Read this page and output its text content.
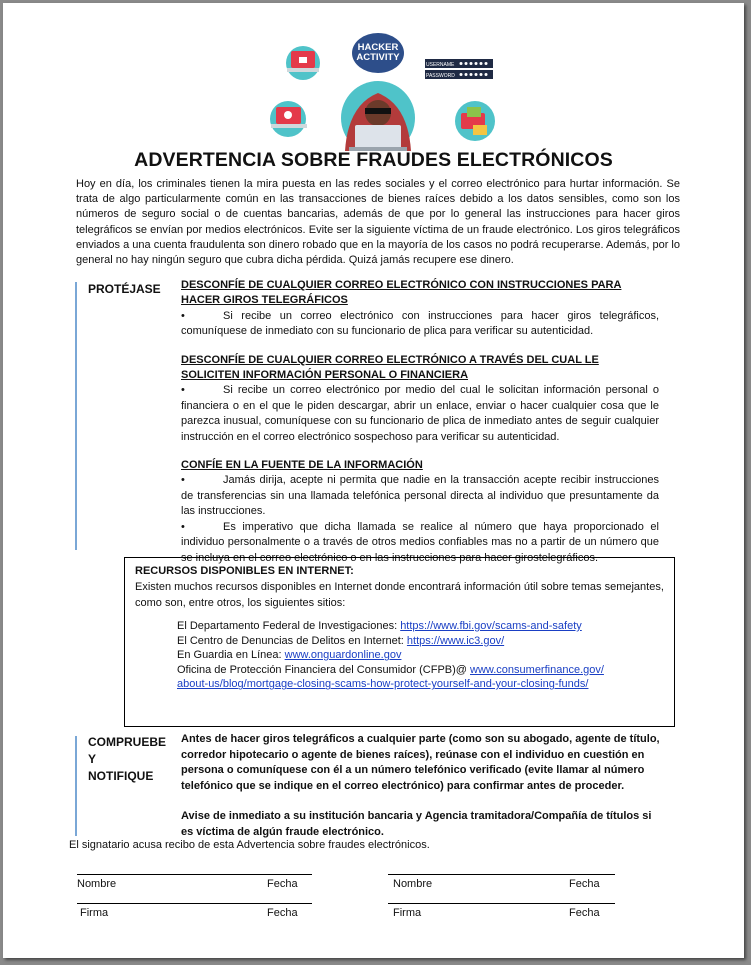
HACKER
ACTIVITY
USERNAME
PASSWORD
ADVERTENCIA SOBRE FRAUDES ELECTRÓNICOS
Hoy en día, los criminales tienen la mira puesta en las redes sociales y el correo electrónico para hurtar información. Se trata de algo particularmente común en las transacciones de bienes raíces debido a los datos sensibles, como son los números de seguro social o de cuentas bancarias, además de que por lo general las instrucciones para hacer giros telegráficos se envían por medios electrónicos. Evite ser la siguiente víctima de un fraude electrónico. Los giros telegráficos enviados a una cuenta fraudulenta son dinero robado que en la mayoría de los casos no podrá recuperarse. Además, por lo general no hay ningún seguro que cubra dicha pérdida. Quizá jamás recupere ese dinero.
PROTÉJASE DESCONFÍE DE CUALQUIER CORREO ELECTRÓNICO CON INSTRUCCIONES PARA HACER GIROS TELEGRÁFICOS
•	Si recibe un correo electrónico con instrucciones para hacer giros telegráficos, comuníquese de inmediato con su funcionario de plica para verificar su autenticidad.
DESCONFÍE DE CUALQUIER CORREO ELECTRÓNICO A TRAVÉS DEL CUAL LE SOLICITEN INFORMACIÓN PERSONAL O FINANCIERA
•	Si recibe un correo electrónico por medio del cual le solicitan información personal o financiera o en el que le piden descargar, abrir un enlace, enviar o hacer cualquier cosa que le parezca inusual, comuníquese con su funcionario de plica de inmediato antes de seguir cualquier instrucción en el correo electrónico sospechoso para verificar su autenticidad.
CONFÍE EN LA FUENTE DE LA INFORMACIÓN
•	Jamás dirija, acepte ni permita que nadie en la transacción acepte recibir instrucciones de transferencias sin una llamada telefónica personal directa al individuo que presuntamente da las instrucciones.
•	Es imperativo que dicha llamada se realice al número que haya proporcionado el individuo personalmente o a través de otros medios confiables mas no a partir de un número que se incluya en el correo electrónico o en las instrucciones para hacer girostelegráficos.
RECURSOS DISPONIBLES EN INTERNET:
Existen muchos recursos disponibles en Internet donde encontrará información útil sobre temas semejantes, como son, entre otros, los siguientes sitios:
El Departamento Federal de Investigaciones: https://www.fbi.gov/scams-and-safety
El Centro de Denuncias de Delitos en Internet: https://www.ic3.gov/
En Guardia en Línea: www.onguardonline.gov
Oficina de Protección Financiera del Consumidor (CFPB)@ www.consumerfinance.gov/
about-us/blog/mortgage-closing-scams-how-protect-yourself-and-your-closing-funds/
COMPRUEBE
Y
NOTIFIQUE
Antes de hacer giros telegráficos a cualquier parte (como son su abogado, agente de título, corredor hipotecario o agente de bienes raíces), reúnase con el individuo en cuestión en persona o comuníquese con él a un número telefónico verificado (evite llamar al número telefónico que se indique en el correo electrónico) para confirmar antes de proceder.
Avise de inmediato a su institución bancaria y Agencia tramitadora/Compañía de títulos si es víctima de algún fraude electrónico.
El signatario acusa recibo de esta Advertencia sobre fraudes electrónicos.
Nombre	Fecha	Nombre	Fecha
Firma	Fecha	Firma	Fecha
